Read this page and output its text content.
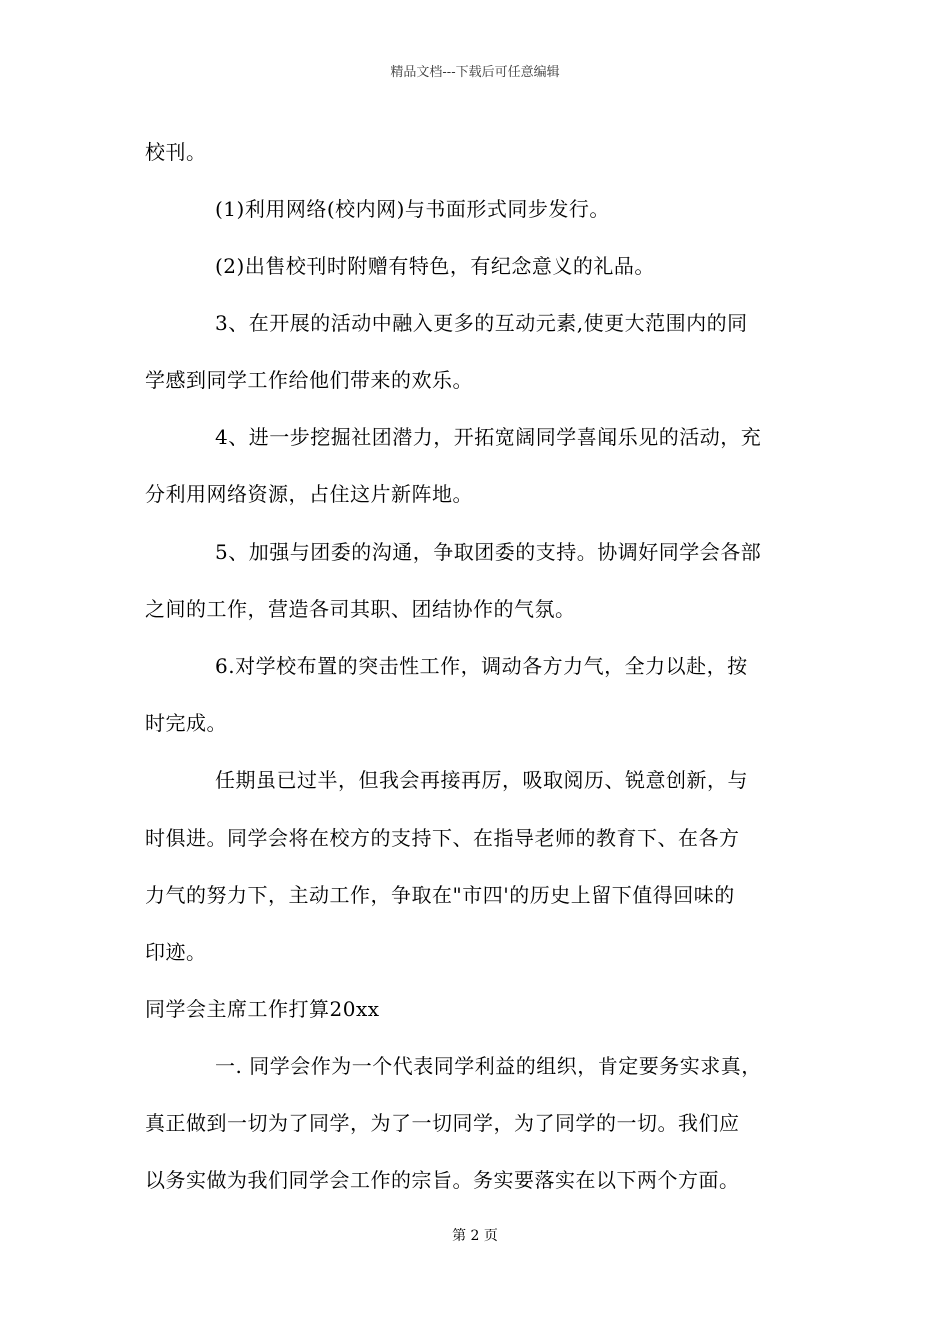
精品文档---下载后可任意编辑
校刊。
(1)利用网络(校内网)与书面形式同步发行。
(2)出售校刊时附赠有特色，有纪念意义的礼品。
3、在开展的活动中融入更多的互动元素,使更大范围内的同
学感到同学工作给他们带来的欢乐。
4、进一步挖掘社团潜力，开拓宽阔同学喜闻乐见的活动，充
分利用网络资源，占住这片新阵地。
5、加强与团委的沟通，争取团委的支持。协调好同学会各部
之间的工作，营造各司其职、团结协作的气氛。
6.对学校布置的突击性工作，调动各方力气，全力以赴，按
时完成。
任期虽已过半，但我会再接再厉，吸取阅历、锐意创新，与
时俱进。同学会将在校方的支持下、在指导老师的教育下、在各方
力气的努力下，主动工作，争取在"市四'的历史上留下值得回味的
印迹。
同学会主席工作打算20xx
一. 同学会作为一个代表同学利益的组织，肯定要务实求真，
真正做到一切为了同学，为了一切同学，为了同学的一切。我们应
以务实做为我们同学会工作的宗旨。务实要落实在以下两个方面。
第 2 页
